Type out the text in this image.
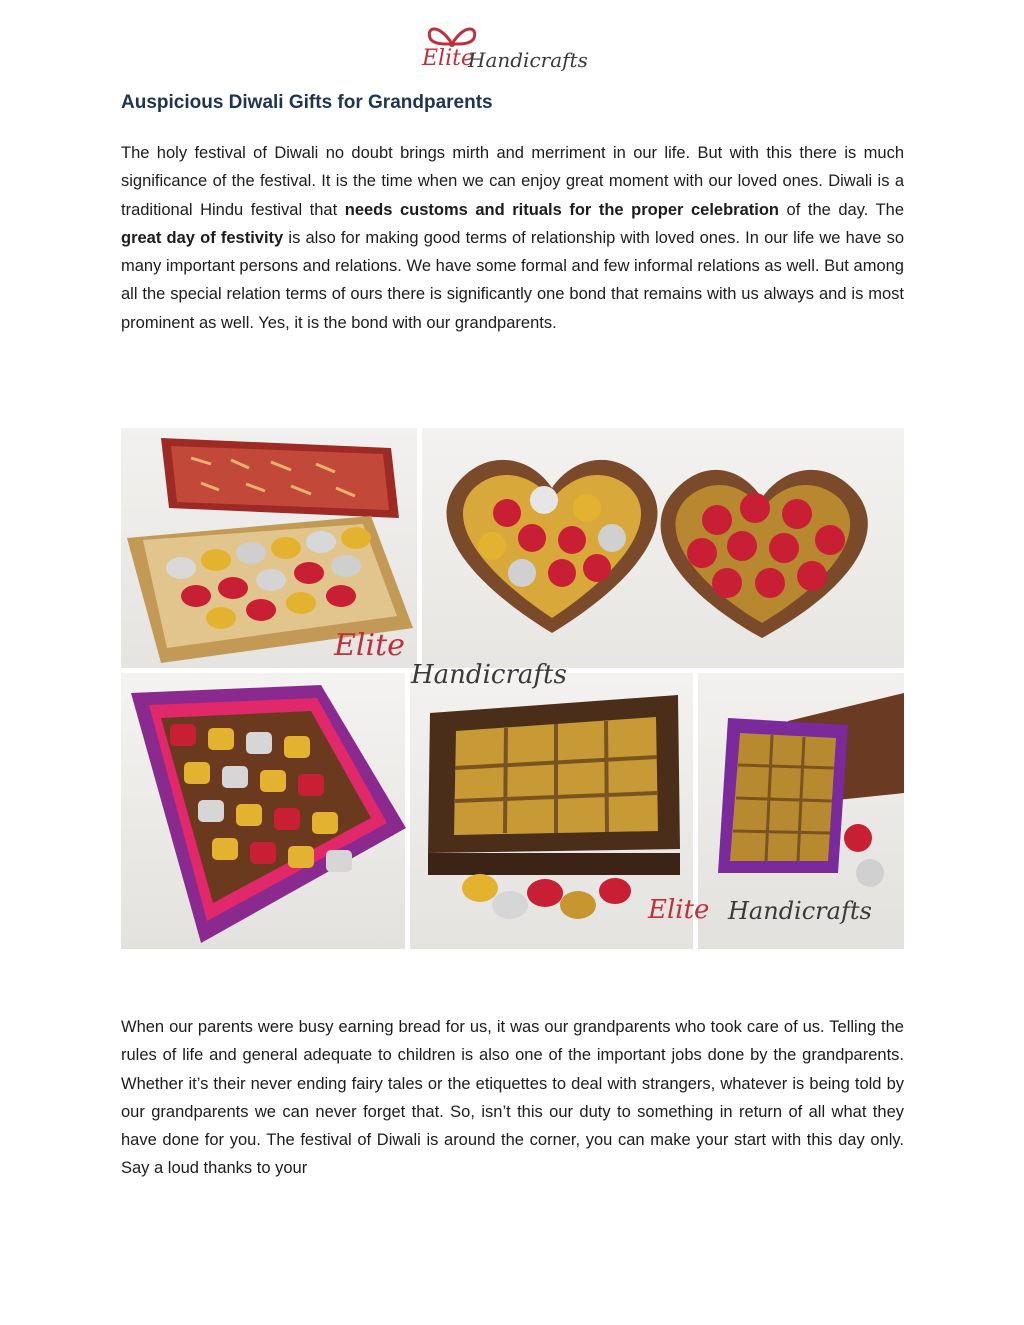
Elite
Handicrafts
Auspicious Diwali Gifts for Grandparents

The holy festival of Diwali no doubt brings mirth and merriment in our life. But with this there is much significance of the festival. It is the time when we can enjoy great moment with our loved ones. Diwali is a traditional Hindu festival that needs customs and rituals for the proper celebration of the day. The great day of festivity is also for making good terms of relationship with loved ones. In our life we have so many important persons and relations. We have some formal and few informal relations as well. But among all the special relation terms of ours there is significantly one bond that remains with us always and is most prominent as well. Yes, it is the bond with our grandparents.

Elite
Elite Handicrafts
Handicrafts

When our parents were busy earning bread for us, it was our grandparents who took care of us. Telling the rules of life and general adequate to children is also one of the important jobs done by the grandparents. Whether it’s their never ending fairy tales or the etiquettes to deal with strangers, whatever is being told by our grandparents we can never forget that. So, isn’t this our duty to something in return of all what they have done for you. The festival of Diwali is around the corner, you can make your start with this day only. Say a loud thanks to your
